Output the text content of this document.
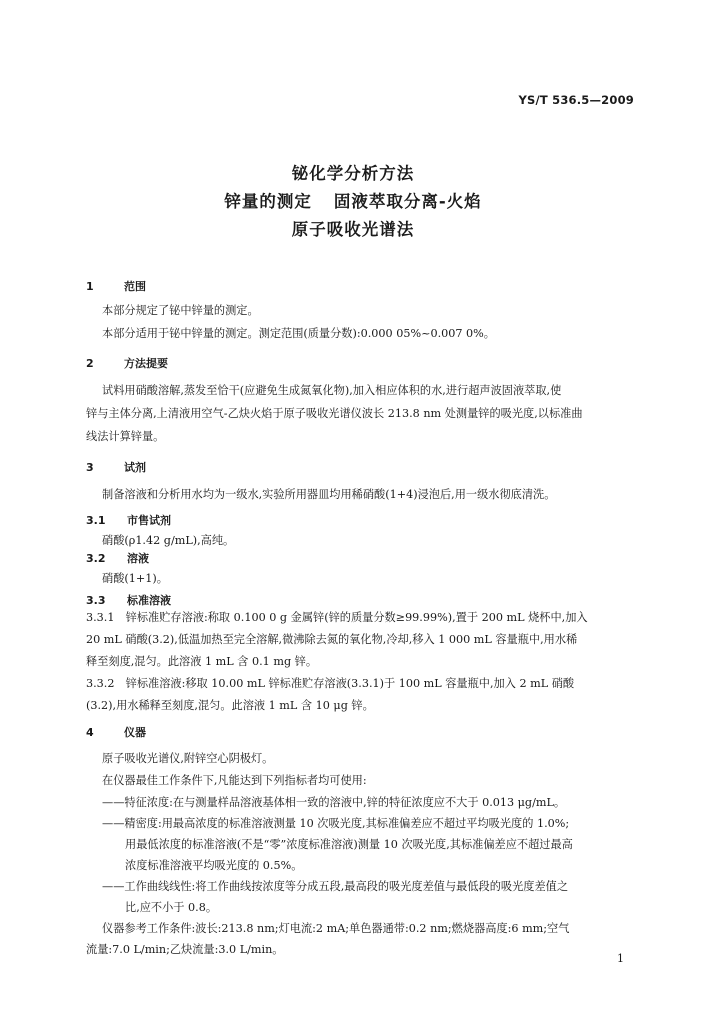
YS/T 536.5—2009
铋化学分析方法
锌量的测定 固液萃取分离-火焰
原子吸收光谱法
1	范围
本部分规定了铋中锌量的测定。
本部分适用于铋中锌量的测定。测定范围(质量分数):0.000 05%~0.007 0%。
2	方法提要
试料用硝酸溶解,蒸发至恰干(应避免生成氮氧化物),加入相应体积的水,进行超声波固液萃取,使
锌与主体分离,上清液用空气-乙炔火焰于原子吸收光谱仪波长 213.8 nm 处测量锌的吸光度,以标准曲
线法计算锌量。
3	试剂
制备溶液和分析用水均为一级水,实验所用器皿均用稀硝酸(1+4)浸泡后,用一级水彻底清洗。
3.1 市售试剂
硝酸(ρ1.42 g/mL),高纯。
3.2 溶液
硝酸(1+1)。
3.3 标准溶液
3.3.1　锌标准贮存溶液:称取 0.100 0 g 金属锌(锌的质量分数≥99.99%),置于 200 mL 烧杯中,加入
20 mL 硝酸(3.2),低温加热至完全溶解,微沸除去氮的氧化物,冷却,移入 1 000 mL 容量瓶中,用水稀
释至刻度,混匀。此溶液 1 mL 含 0.1 mg 锌。
3.3.2　锌标准溶液:移取 10.00 mL 锌标准贮存溶液(3.3.1)于 100 mL 容量瓶中,加入 2 mL 硝酸
(3.2),用水稀释至刻度,混匀。此溶液 1 mL 含 10 μg 锌。
4	仪器
原子吸收光谱仪,附锌空心阴极灯。
在仪器最佳工作条件下,凡能达到下列指标者均可使用:
——特征浓度:在与测量样品溶液基体相一致的溶液中,锌的特征浓度应不大于 0.013 μg/mL。
——精密度:用最高浓度的标准溶液测量 10 次吸光度,其标准偏差应不超过平均吸光度的 1.0%;
用最低浓度的标准溶液(不是“零”浓度标准溶液)测量 10 次吸光度,其标准偏差应不超过最高
浓度标准溶液平均吸光度的 0.5%。
——工作曲线线性:将工作曲线按浓度等分成五段,最高段的吸光度差值与最低段的吸光度差值之
比,应不小于 0.8。
仪器参考工作条件:波长:213.8 nm;灯电流:2 mA;单色器通带:0.2 nm;燃烧器高度:6 mm;空气
流量:7.0 L/min;乙炔流量:3.0 L/min。
1
